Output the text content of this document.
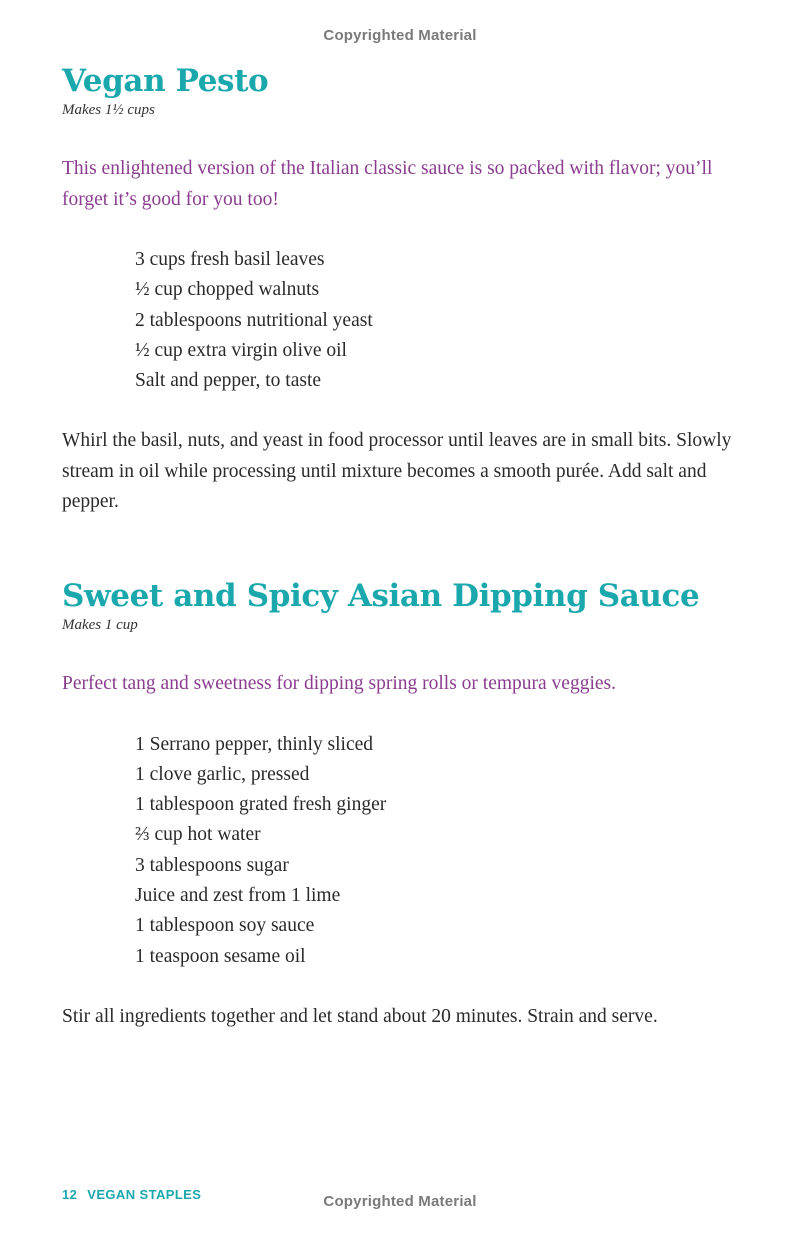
Copyrighted Material
Vegan Pesto

Makes 1½ cups

This enlightened version of the Italian classic sauce is so packed with flavor; you’ll forget it’s good for you too!

3 cups fresh basil leaves
½ cup chopped walnuts
2 tablespoons nutritional yeast
½ cup extra virgin olive oil
Salt and pepper, to taste

Whirl the basil, nuts, and yeast in food processor until leaves are in small bits. Slowly stream in oil while processing until mixture becomes a smooth purée. Add salt and pepper.

Sweet and Spicy Asian Dipping Sauce

Makes 1 cup

Perfect tang and sweetness for dipping spring rolls or tempura veggies.

1 Serrano pepper, thinly sliced
1 clove garlic, pressed
1 tablespoon grated fresh ginger
⅔ cup hot water
3 tablespoons sugar
Juice and zest from 1 lime
1 tablespoon soy sauce
1 teaspoon sesame oil

Stir all ingredients together and let stand about 20 minutes. Strain and serve.

12 VEGAN STAPLES	Copyrighted Material
